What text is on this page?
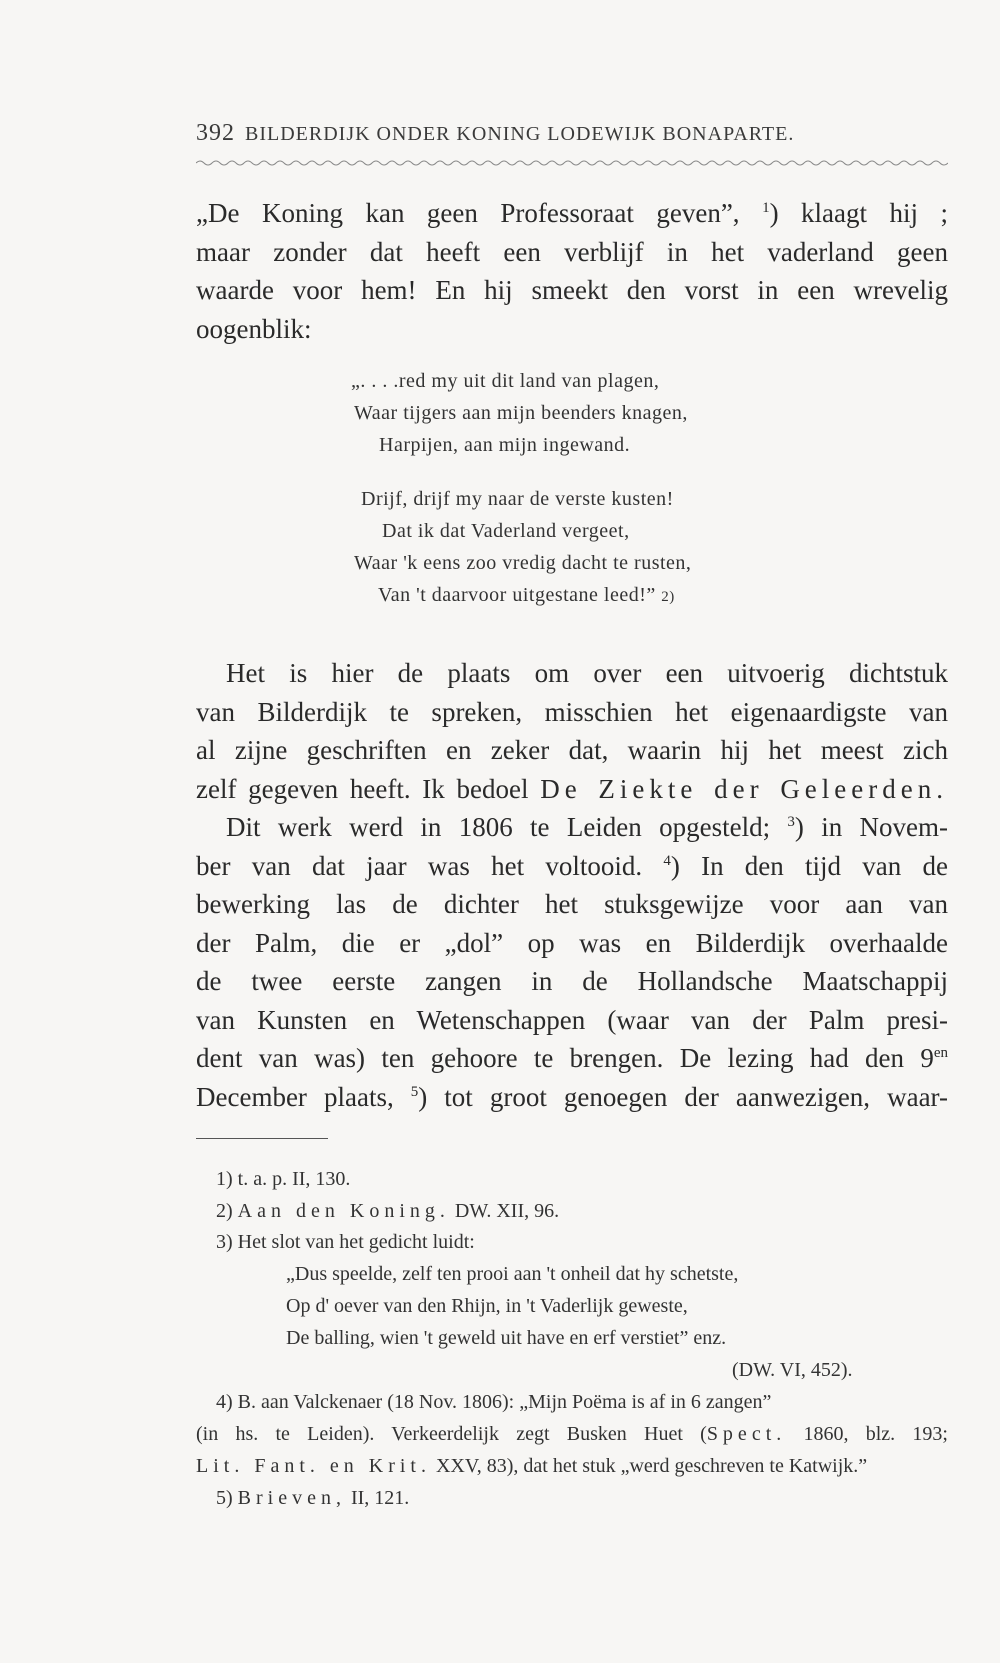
392 BILDERDIJK ONDER KONING LODEWIJK BONAPARTE.
„De Koning kan geen Professoraat geven”, $^1$) klaagt hij ;
maar zonder dat heeft een verblijf in het vaderland geen
waarde voor hem! En hij smeekt den vorst in een wrevelig
oogenblik:
„. . . .red my uit dit land van plagen,
Waar tijgers aan mijn beenders knagen,
Harpijen, aan mijn ingewand.
Drijf, drijf my naar de verste kusten!
Dat ik dat Vaderland vergeet,
Waar 'k eens zoo vredig dacht te rusten,
Van 't daarvoor uitgestane leed!” 2)
Het is hier de plaats om over een uitvoerig dichtstuk
van Bilderdijk te spreken, misschien het eigenaardigste van
al zijne geschriften en zeker dat, waarin hij het meest zich
zelf gegeven heeft. Ik bedoel De Ziekte der Geleerden.
Dit werk werd in 1806 te Leiden opgesteld; $^3$) in Novem-
ber van dat jaar was het voltooid. $^4$) In den tijd van de
bewerking las de dichter het stuksgewijze voor aan van
der Palm, die er „dol” op was en Bilderdijk overhaalde
de twee eerste zangen in de Hollandsche Maatschappij
van Kunsten en Wetenschappen (waar van der Palm presi-
dent van was) ten gehoore te brengen. De lezing had den $9^{en}$
December plaats, $^5$) tot groot genoegen der aanwezigen, waar-
1) t. a. p. II, 130.
2) Aan den Koning. DW. XII, 96.
3) Het slot van het gedicht luidt:
„Dus speelde, zelf ten prooi aan 't onheil dat hy schetste,
Op d' oever van den Rhijn, in 't Vaderlijk geweste,
De balling, wien 't geweld uit have en erf verstiet” enz.
(DW. VI, 452).
4) B. aan Valckenaer (18 Nov. 1806): „Mijn Poëma is af in 6 zangen”
(in hs. te Leiden). Verkeerdelijk zegt Busken Huet (Spect. 1860, blz. 193;
Lit. Fant. en Krit. XXV, 83), dat het stuk „werd geschreven te Katwijk.”
5) Brieven, II, 121.
